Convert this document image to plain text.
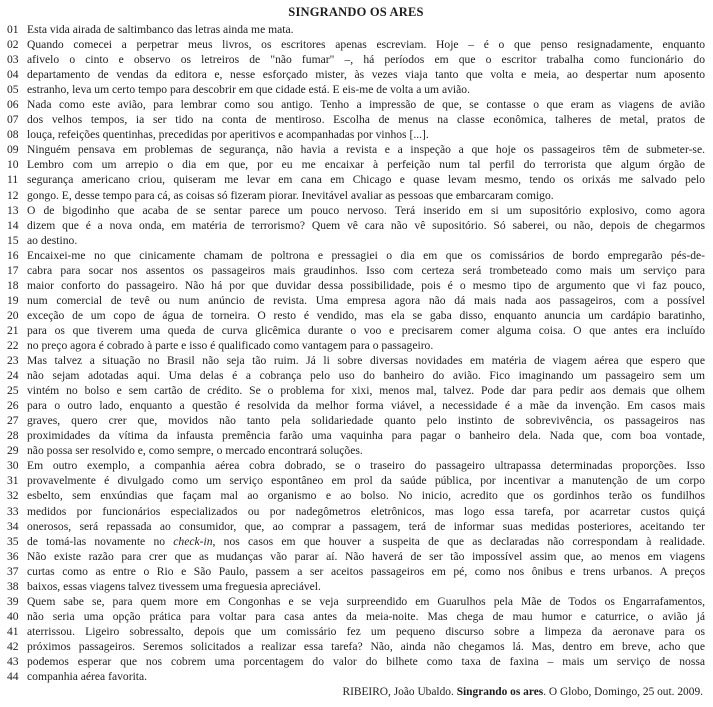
SINGRANDO OS ARES
01 Esta vida airada de saltimbanco das letras ainda me mata.
02 Quando comecei a perpetrar meus livros, os escritores apenas escreviam. Hoje – é o que penso resignadamente, enquanto
03 afivelo o cinto e observo os letreiros de "não fumar" –, há períodos em que o escritor trabalha como funcionário do
04 departamento de vendas da editora e, nesse esforçado mister, às vezes viaja tanto que volta e meia, ao despertar num aposento
05 estranho, leva um certo tempo para descobrir em que cidade está. E eis-me de volta a um avião.
06 Nada como este avião, para lembrar como sou antigo. Tenho a impressão de que, se contasse o que eram as viagens de avião
07 dos velhos tempos, ia ser tido na conta de mentiroso. Escolha de menus na classe econômica, talheres de metal, pratos de
08 louça, refeições quentinhas, precedidas por aperitivos e acompanhadas por vinhos [...].
09 Ninguém pensava em problemas de segurança, não havia a revista e a inspeção a que hoje os passageiros têm de submeter-se.
10 Lembro com um arrepio o dia em que, por eu me encaixar à perfeição num tal perfil do terrorista que algum órgão de
11 segurança americano criou, quiseram me levar em cana em Chicago e quase levam mesmo, tendo os orixás me salvado pelo
12 gongo. E, desse tempo para cá, as coisas só fizeram piorar. Inevitável avaliar as pessoas que embarcaram comigo.
13 O de bigodinho que acaba de se sentar parece um pouco nervoso. Terá inserido em si um supositório explosivo, como agora
14 dizem que é a nova onda, em matéria de terrorismo? Quem vê cara não vê supositório. Só saberei, ou não, depois de chegarmos
15 ao destino.
16 Encaixei-me no que cinicamente chamam de poltrona e pressagiei o dia em que os comissários de bordo empregarão pés-de-
17 cabra para socar nos assentos os passageiros mais graudinhos. Isso com certeza será trombeteado como mais um serviço para
18 maior conforto do passageiro. Não há por que duvidar dessa possibilidade, pois é o mesmo tipo de argumento que vi faz pouco,
19 num comercial de tevê ou num anúncio de revista. Uma empresa agora não dá mais nada aos passageiros, com a possível
20 exceção de um copo de água de torneira. O resto é vendido, mas ela se gaba disso, enquanto anuncia um cardápio baratinho,
21 para os que tiverem uma queda de curva glicêmica durante o voo e precisarem comer alguma coisa. O que antes era incluído
22 no preço agora é cobrado à parte e isso é qualificado como vantagem para o passageiro.
23 Mas talvez a situação no Brasil não seja tão ruim. Já li sobre diversas novidades em matéria de viagem aérea que espero que
24 não sejam adotadas aqui. Uma delas é a cobrança pelo uso do banheiro do avião. Fico imaginando um passageiro sem um
25 vintém no bolso e sem cartão de crédito. Se o problema for xixi, menos mal, talvez. Pode dar para pedir aos demais que olhem
26 para o outro lado, enquanto a questão é resolvida da melhor forma viável, a necessidade é a mãe da invenção. Em casos mais
27 graves, quero crer que, movidos não tanto pela solidariedade quanto pelo instinto de sobrevivência, os passageiros nas
28 proximidades da vítima da infausta premência farão uma vaquinha para pagar o banheiro dela. Nada que, com boa vontade,
29 não possa ser resolvido e, como sempre, o mercado encontrará soluções.
30 Em outro exemplo, a companhia aérea cobra dobrado, se o traseiro do passageiro ultrapassa determinadas proporções. Isso
31 provavelmente é divulgado como um serviço espontâneo em prol da saúde pública, por incentivar a manutenção de um corpo
32 esbelto, sem enxúndias que façam mal ao organismo e ao bolso. No inicio, acredito que os gordinhos terão os fundilhos
33 medidos por funcionários especializados ou por nadegômetros eletrônicos, mas logo essa tarefa, por acarretar custos quiçá
34 onerosos, será repassada ao consumidor, que, ao comprar a passagem, terá de informar suas medidas posteriores, aceitando ter
35 de tomá-las novamente no check-in, nos casos em que houver a suspeita de que as declaradas não correspondam à realidade.
36 Não existe razão para crer que as mudanças vão parar aí. Não haverá de ser tão impossível assim que, ao menos em viagens
37 curtas como as entre o Rio e São Paulo, passem a ser aceitos passageiros em pé, como nos ônibus e trens urbanos. A preços
38 baixos, essas viagens talvez tivessem uma freguesia apreciável.
39 Quem sabe se, para quem more em Congonhas e se veja surpreendido em Guarulhos pela Mãe de Todos os Engarrafamentos,
40 não seria uma opção prática para voltar para casa antes da meia-noite. Mas chega de mau humor e caturrice, o avião já
41 aterrissou. Ligeiro sobressalto, depois que um comissário fez um pequeno discurso sobre a limpeza da aeronave para os
42 próximos passageiros. Seremos solicitados a realizar essa tarefa? Não, ainda não chegamos lá. Mas, dentro em breve, acho que
43 podemos esperar que nos cobrem uma porcentagem do valor do bilhete como taxa de faxina – mais um serviço de nossa
44 companhia aérea favorita.
RIBEIRO, João Ubaldo. Singrando os ares. O Globo, Domingo, 25 out. 2009.
